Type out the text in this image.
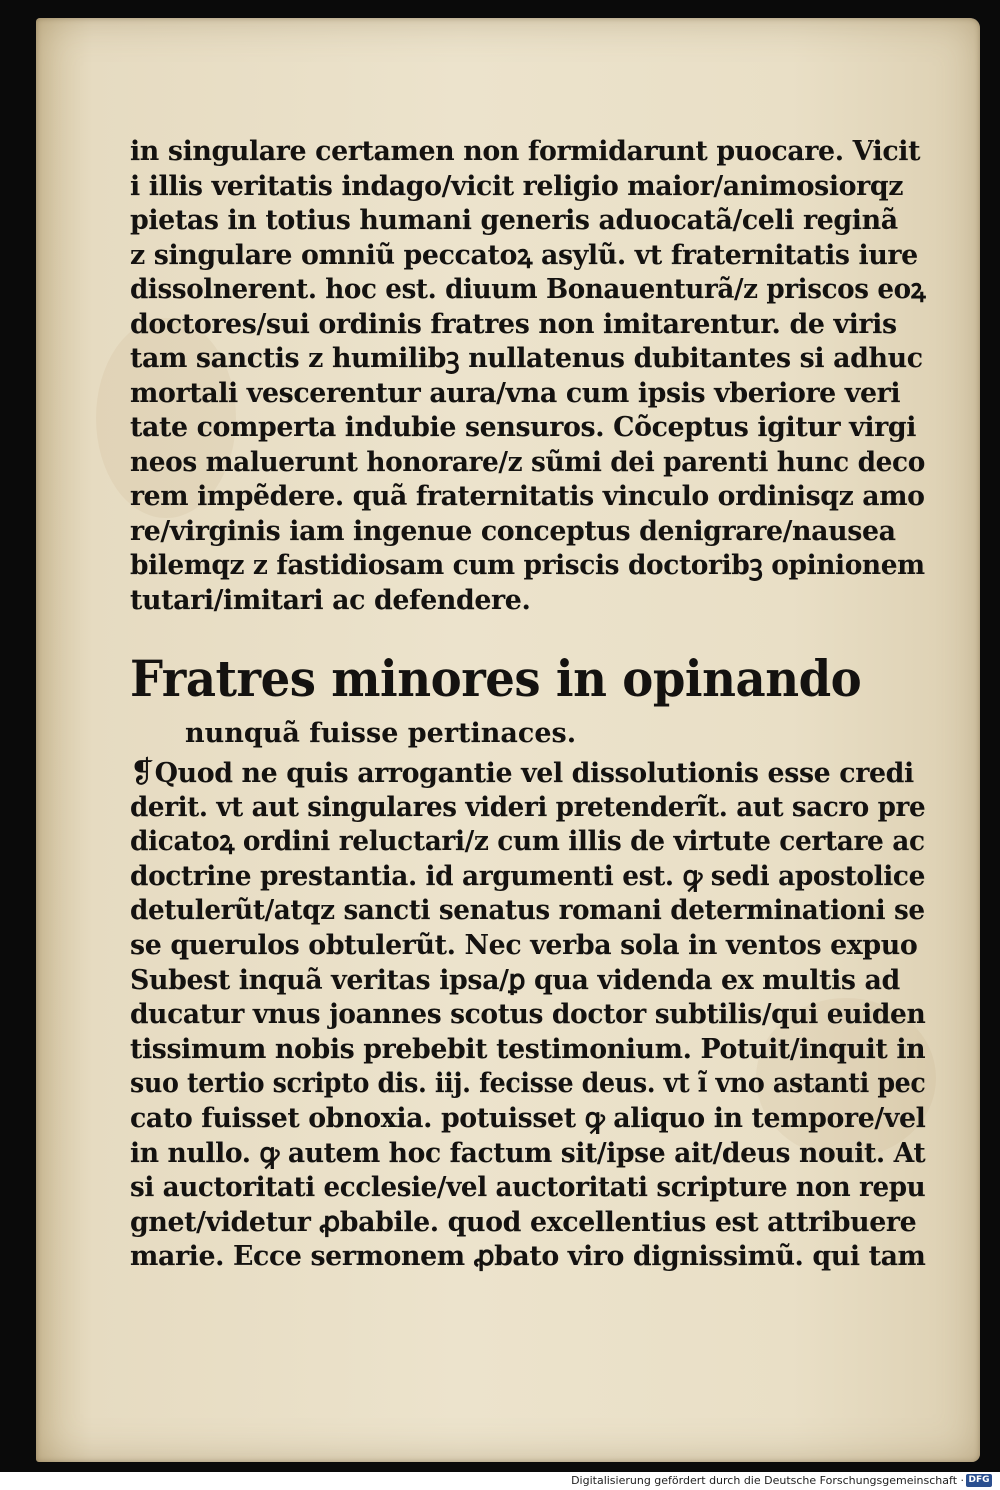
in singulare certamen non formidarunt puocare. Vicit
i illis veritatis indago/vicit religio maior/animosiorqz
pietas in totius humani generis aduocatã/celi reginã
z singulare omniũ peccatoꝝ asylũ. vt fraternitatis iure
dissolnerent. hoc est. diuum Bonauenturã/z priscos eoꝝ
doctores/sui ordinis fratres non imitarentur. de viris
tam sanctis z humilibꝫ nullatenus dubitantes si adhuc
mortali vescerentur aura/vna cum ipsis vberiore veri
tate comperta indubie sensuros. Cõceptus igitur virgi
neos maluerunt honorare/z sũmi dei parenti hunc deco
rem impẽdere. quã fraternitatis vinculo ordinisqz amo
re/virginis iam ingenue conceptus denigrare/nausea
bilemqz z fastidiosam cum priscis doctoribꝫ opinionem
tutari/imitari ac defendere.
Fratres minores in opinando
nunquã fuisse pertinaces.
❡Quod ne quis arrogantie vel dissolutionis esse credi
derit. vt aut singulares videri pretenderĩt. aut sacro pre
dicatoꝝ ordini reluctari/z cum illis de virtute certare ac
doctrine prestantia. id argumenti est. ꝙ sedi apostolice
detulerũt/atqz sancti senatus romani determinationi se
se querulos obtulerũt. Nec verba sola in ventos expuo
Subest inquã veritas ipsa/ꝑ qua videnda ex multis ad
ducatur vnus joannes scotus doctor subtilis/qui euiden
tissimum nobis prebebit testimonium. Potuit/inquit in
suo tertio scripto dis. iij. fecisse deus. vt ĩ vno astanti pec
cato fuisset obnoxia. potuisset ꝙ aliquo in tempore/vel
in nullo. ꝙ autem hoc factum sit/ipse ait/deus nouit. At
si auctoritati ecclesie/vel auctoritati scripture non repu
gnet/videtur ꝓbabile. quod excellentius est attribuere
marie. Ecce sermonem ꝓbato viro dignissimũ. qui tam
Digitalisierung gefördert durch die Deutsche Forschungsgemeinschaft · DFG
